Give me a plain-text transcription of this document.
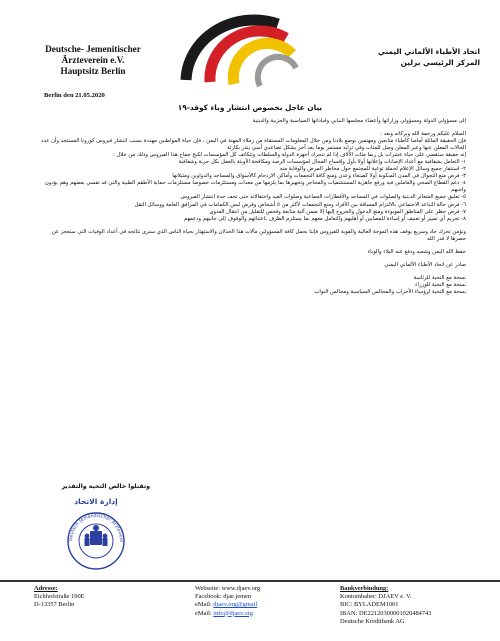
Deutsche- Jemenitischer
Ärzteverein e.V.
Hauptsitz Berlin
اتحاد الأطباء الألماني اليمني
المركز الرئيسي برلين
Berlin den 21.05.2020
بيان عاجل بخصوص انتشار وباء كوفد-١٩

إلى مسؤولي الدولة ومسؤولي وزاراتها وأعضاء مجلسها النيابي وقياداتها السياسية والحزبية والدينية

السلام عليكم ورحمة الله وبركاته وبعد :

فإن الحقيقة الماثلة أمامنا كأطباء متابعين ومهتمين بوضع بلادنا ومن خلال المعلومات المستقاة من زملاء المهنة في اليمن ، فإن حياة المواطنين مهددة بسبب انتشار فيروس كورونا المستجد وأن عدد الحالات المعلن عنها وعبر المعلن وصل للمئات وفي تزايد مستمر يوما بعد آخر بشكل تصاعدي أسي ينذر بكارثة

إنه حقيقة ستقضي على حياة عشرات بل ربما مئات الآلاف إذا لم تتحرك أجهزة الدولة والسلطات وتتكاتف كل المؤسسات لكبح جماح هذا الفيروس وذلك من خلال :

١- التعامل بشفافية مع أعداد الإصابات وإعلانها أولا بأول وإفساح المجال لمؤسسات الرصد ومكافحة الأوبئة بالعمل بكل حرية وشفافية

٢- استنفار جميع وسائل الإعلام لحملة توعية للمجتمع حول مخاطر المرض والوقاية منه

٣- فرض منع التجوال في المدن المنكوبة أولا كصنعاء وعدن ومنع كافة التجمعات وأماكن الازدحام كالأسواق والمساجد والدواوين ومثيلاتها

٤- دعم القطاع الصحي والعاملين فيه ورفع جاهزية المستشفيات والمحاجر وتجهيزها بما يلزمها من معدات ومستلزمات خصوصا مستلزمات حماية الأطقم الطبية والتي قد تفسي بعضهم وهم يؤدون واجبهم

٥- تعليق جميع الشعائر الدينية والصلوات في المساجد والأفطارات الجماعية وصلوات العيد واحتفالاته حتى تخف حدة انتشار الفيروس

٦- فرض حالة التباعد الاجتماعي بالالتزام المسافة بين الأفراد ومنع التجمعات لأكثر من ٥ أشخاص وفرض لبس الكمامات في المرافق العامة ووسائل النقل

٧- فرض حظر على المناطق الموبوءة ومنع الدخول والخروج إليها إلا ضمن آلية متابعة وفحص للتقليل من انتقال العدوى

٨- تجريم أي تمييز أو تعنيف أو إساءة للمصابين أو أهليهم والتعامل معهم بما يستلزم الظرف باعتنائهم والوقوف إلى جانبهم ودعمهم

ونؤمن تحرك جاد وسريع يوقف هذه الموجة العالية والقوية للفيروس فإننا نحمل كافة المسؤولين مآلات هذا الخذلان والاستهتار بحياة الناس الذي سترى نتائجه في أعداد الوفيات التي ستعجز عن حصرها لا قدر الله

حفظ الله اليمن وشعبه ودفع عنه البلاء والوباء

صادر عن اتحاد الأطباء الألماني اليمني

نسخة مع التحية للرئاسة

نسخة مع التحية للوزراء

نسخة مع التحية لرؤساء الأحزاب والمجالس السياسية ومجالس النواب

وتقبلوا خالص التحية والتقدير
إدارة الاتحاد
Deutsch-Jemenitischer Ärztevere
Adresse:
Eichhofstraße 190E
D-13357 Berlin
Webseite: www.djaev.org
Facebook: djae.jemen
eMail: djaev.org@gmail
eMail: info@djaev.org
Bankverbindung:
Kontoinhaber: DJAEV e. V.
BIC: BYLADEM1001
IBAN: DE22120300001020484743
Deutsche Kreditbank AG
